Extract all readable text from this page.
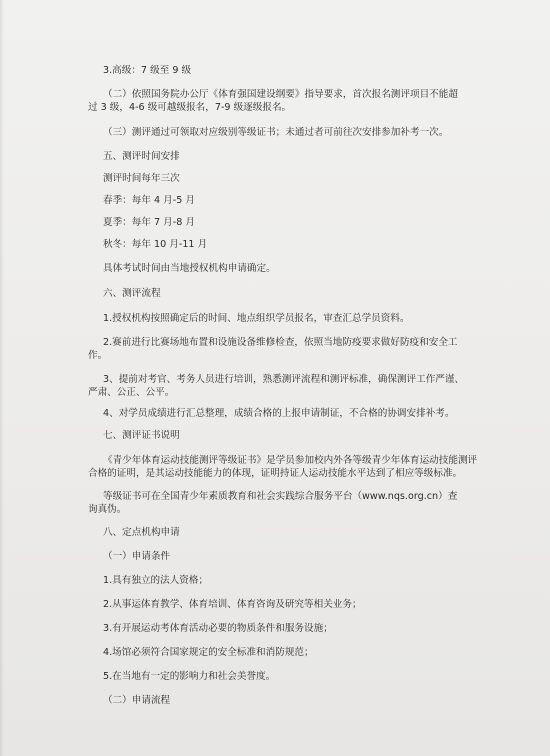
3.高级：7 级至 9 级
（二）依照国务院办公厅《体育强国建设纲要》指导要求，首次报名测评项目不能超
过 3 级，4-6 级可越级报名，7-9 级逐级报名。
（三）测评通过可领取对应级别等级证书；未通过者可前往次安排参加补考一次。
五、测评时间安排
测评时间每年三次
春季：每年 4 月-5 月
夏季：每年 7 月-8 月
秋冬：每年 10 月-11 月
具体考试时间由当地授权机构申请确定。
六、测评流程
1.授权机构按照确定后的时间、地点组织学员报名，审查汇总学员资料。
2.赛前进行比赛场地布置和设施设备维修检查，依照当地防疫要求做好防疫和安全工
作。
3、提前对考官、考务人员进行培训，熟悉测评流程和测评标准，确保测评工作严谨、
严肃、公正、公平。
4、对学员成绩进行汇总整理，成绩合格的上报申请制证，不合格的协调安排补考。
七、测评证书说明
《青少年体育运动技能测评等级证书》是学员参加校内外各等级青少年体育运动技能测评
合格的证明，是其运动技能能力的体现，证明持证人运动技能水平达到了相应等级标准。
等级证书可在全国青少年素质教育和社会实践综合服务平台（www.nqs.org.cn）查
询真伪。
八、定点机构申请
（一）申请条件
1.具有独立的法人资格；
2.从事运体育教学、体育培训、体育咨询及研究等相关业务；
3.有开展运动考体育活动必要的物质条件和服务设施；
4.场馆必须符合国家规定的安全标准和消防规范；
5.在当地有一定的影响力和社会美誉度。
（二）申请流程
